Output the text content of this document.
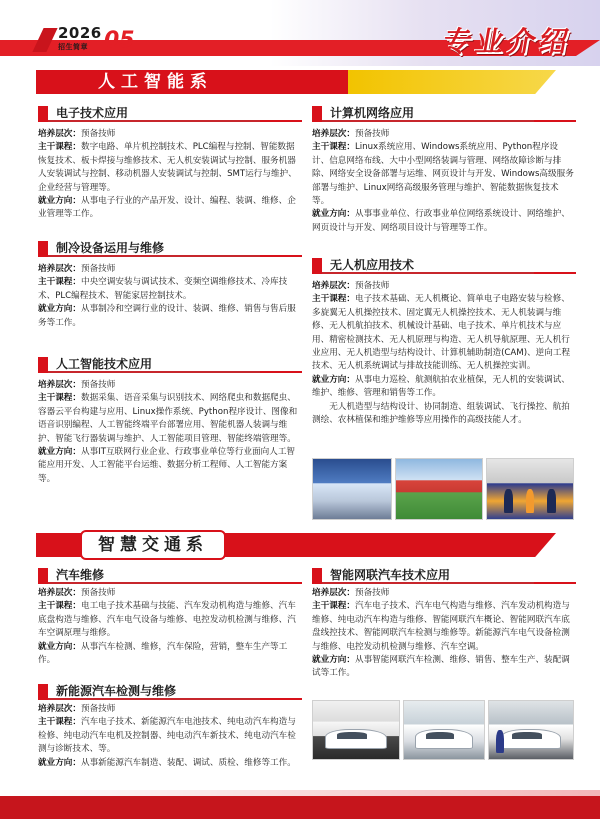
2026
招生简章 05	专业介绍
人工智能系
电子技术应用

培养层次：预备技师

主干课程：数字电路、单片机控制技术、PLC编程与控制、智能数据恢复技术、板卡焊接与维修技术、无人机安装调试与控制、服务机器人安装调试与控制、移动机器人安装调试与控制、SMT运行与维护、企业经营与管理等。

就业方向：从事电子行业的产品开发、设计、编程、装调、维修、企业管理等工作。

制冷设备运用与维修

培养层次：预备技师

主干课程：中央空调安装与调试技术、变频空调维修技术、冷库技术、PLC编程技术、智能家居控制技术。

就业方向：从事制冷和空调行业的设计、装调、维修、销售与售后服务等工作。

人工智能技术应用

培养层次：预备技师

主干课程：数据采集、语音采集与识别技术、网络爬虫和数据爬虫、容器云平台构建与应用、Linux操作系统、Python程序设计、图像和语音识别编程、人工智能终端平台部署应用、智能机器人装调与维护、智能飞行器装调与维护、人工智能项目管理、智能终端管理等。

就业方向：从事IT互联网行业企业、行政事业单位等行业面向人工智能应用开发、人工智能平台运维、数据分析工程师、人工智能方案等。

计算机网络应用

培养层次：预备技师

主干课程：Linux系统应用、Windows系统应用、Python程序设计、信息网络布线、大中小型网络装调与管理、网络故障诊断与排除、网络安全设备部署与运维、网页设计与开发、Windows高级服务部署与维护、Linux网络高级服务管理与维护、智能数据恢复技术等。

就业方向：从事事业单位、行政事业单位网络系统设计、网络维护、网页设计与开发、网络项目设计与管理等工作。

无人机应用技术

培养层次：预备技师

主干课程：电子技术基础、无人机概论、简单电子电路安装与检修、多旋翼无人机操控技术、固定翼无人机操控技术、无人机装调与维修、无人机航拍技术、机械设计基础、电子技术、单片机技术与应用、精密检测技术、无人机原理与构造、无人机导航原理、无人机行业应用、无人机造型与结构设计、计算机辅助制造(CAM)、逆向工程技术、无人机系统调试与排故技能训练、无人机操控实训。

就业方向：从事电力巡检、航测航拍农业植保，无人机的安装调试、维护、维修、管理和销售等工作。

无人机造型与结构设计、协同制造、组装调试、飞行操控、航拍测绘、农林植保和维护维修等应用操作的高级技能人才。

智慧交通系
汽车维修

培养层次：预备技师

主干课程：电工电子技术基础与技能、汽车发动机构造与维修、汽车底盘构造与维修、汽车电气设备与维修、电控发动机检测与维修、汽车空调原理与维修。

就业方向：从事汽车检测、维修，汽车保险，营销，整车生产等工作。

新能源汽车检测与维修

培养层次：预备技师

主干课程：汽车电子技术、新能源汽车电池技术、纯电动汽车构造与检修、纯电动汽车电机及控制器、纯电动汽车新技术、纯电动汽车检测与诊断技术、等。

就业方向：从事新能源汽车制造、装配、调试、质检、维修等工作。

智能网联汽车技术应用

培养层次：预备技师

主干课程：汽车电子技术、汽车电气构造与维修、汽车发动机构造与维修、纯电动汽车构造与维修、智能网联汽车概论、智能网联汽车底盘线控技术、智能网联汽车检测与维修等。新能源汽车电气设备检测与维修、电控发动机检测与维修、汽车空调。

就业方向：从事智能网联汽车检测、维修、销售、整车生产、装配调试等工作。
